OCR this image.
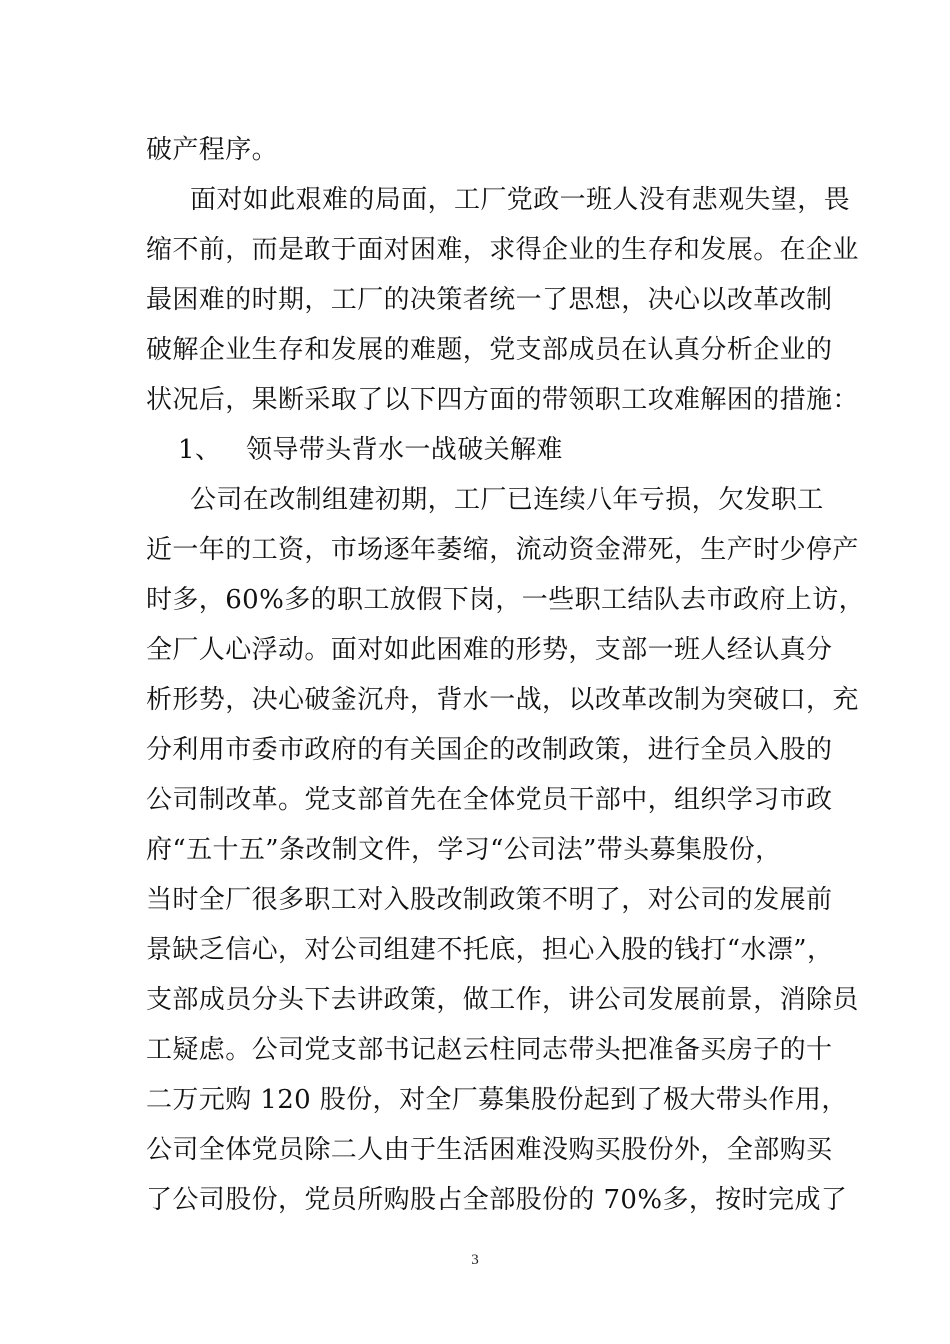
破产程序。
面对如此艰难的局面，工厂党政一班人没有悲观失望，畏
缩不前，而是敢于面对困难，求得企业的生存和发展。在企业
最困难的时期，工厂的决策者统一了思想，决心以改革改制
破解企业生存和发展的难题，党支部成员在认真分析企业的
状况后，果断采取了以下四方面的带领职工攻难解困的措施：
1、 领导带头背水一战破关解难
公司在改制组建初期，工厂已连续八年亏损，欠发职工
近一年的工资，市场逐年萎缩，流动资金滞死，生产时少停产
时多，60%多的职工放假下岗，一些职工结队去市政府上访，
全厂人心浮动。面对如此困难的形势，支部一班人经认真分
析形势，决心破釜沉舟，背水一战，以改革改制为突破口，充
分利用市委市政府的有关国企的改制政策，进行全员入股的
公司制改革。党支部首先在全体党员干部中，组织学习市政
府“五十五”条改制文件，学习“公司法”带头募集股份，
当时全厂很多职工对入股改制政策不明了，对公司的发展前
景缺乏信心，对公司组建不托底，担心入股的钱打“水漂”，
支部成员分头下去讲政策，做工作，讲公司发展前景，消除员
工疑虑。公司党支部书记赵云柱同志带头把准备买房子的十
二万元购 120 股份，对全厂募集股份起到了极大带头作用，
公司全体党员除二人由于生活困难没购买股份外，全部购买
了公司股份，党员所购股占全部股份的 70%多，按时完成了
3
